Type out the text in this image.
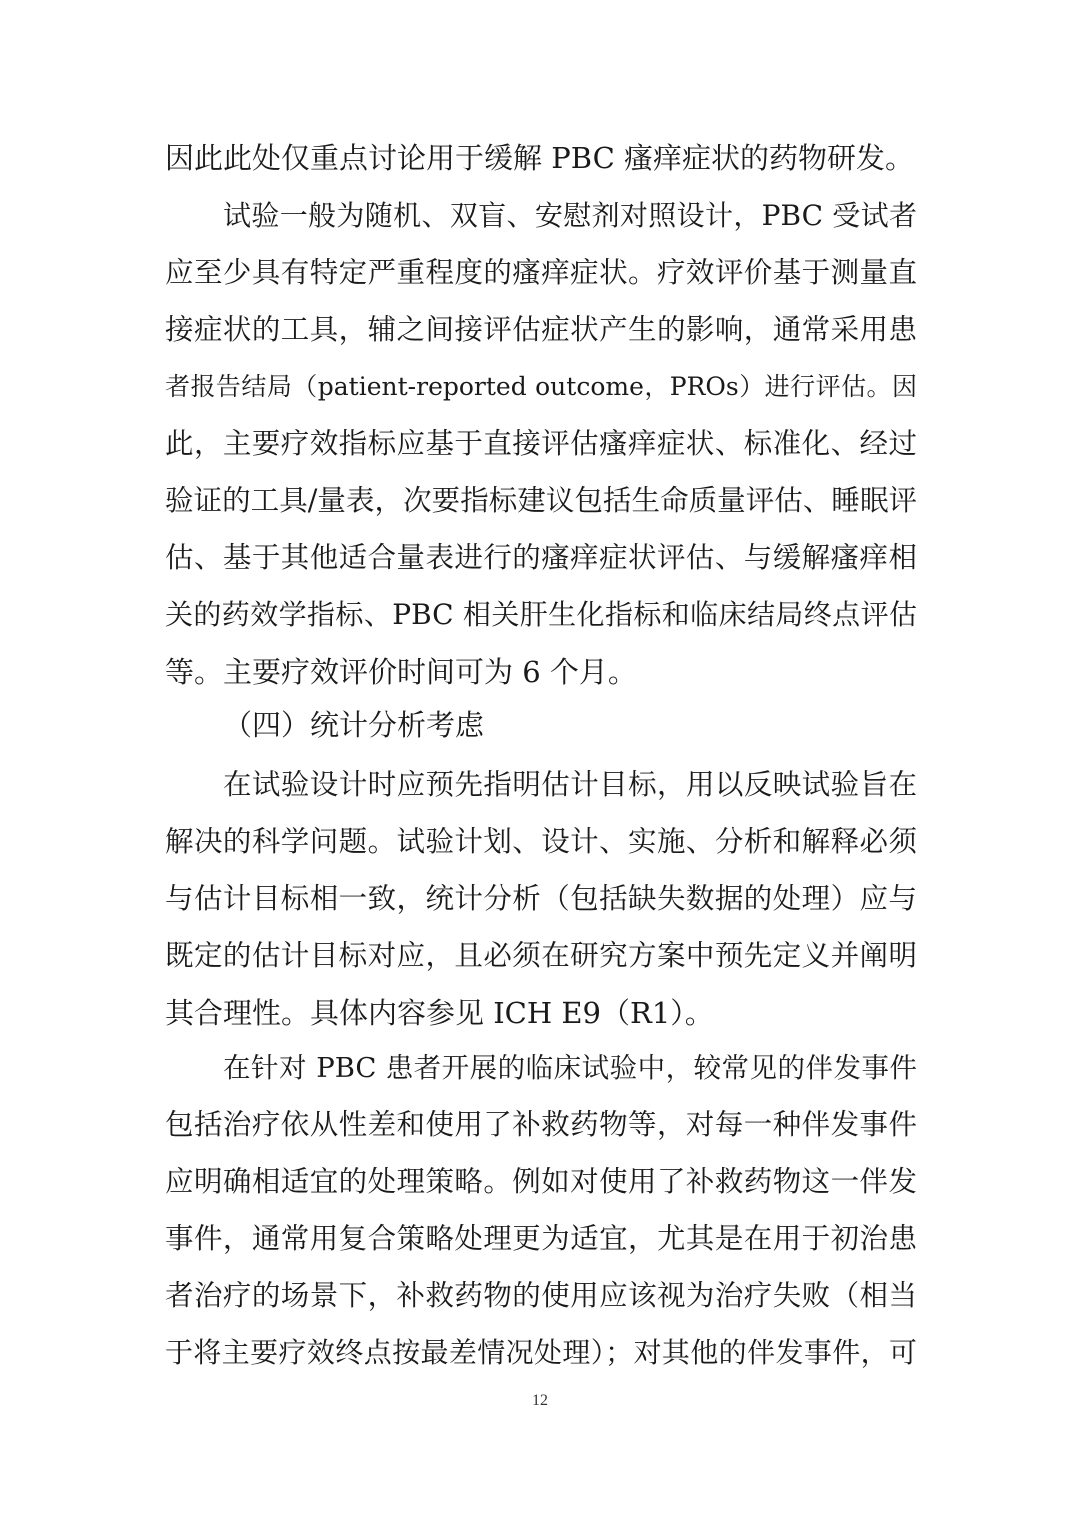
因此此处仅重点讨论用于缓解 PBC 瘙痒症状的药物研发。
试验一般为随机、双盲、安慰剂对照设计，PBC 受试者
应至少具有特定严重程度的瘙痒症状。疗效评价基于测量直
接症状的工具，辅之间接评估症状产生的影响，通常采用患
者报告结局（patient-reported outcome，PROs）进行评估。因
此，主要疗效指标应基于直接评估瘙痒症状、标准化、经过
验证的工具/量表，次要指标建议包括生命质量评估、睡眠评
估、基于其他适合量表进行的瘙痒症状评估、与缓解瘙痒相
关的药效学指标、PBC 相关肝生化指标和临床结局终点评估
等。主要疗效评价时间可为 6 个月。
（四）统计分析考虑
在试验设计时应预先指明估计目标，用以反映试验旨在
解决的科学问题。试验计划、设计、实施、分析和解释必须
与估计目标相一致，统计分析（包括缺失数据的处理）应与
既定的估计目标对应，且必须在研究方案中预先定义并阐明
其合理性。具体内容参见 ICH E9（R1）。
在针对 PBC 患者开展的临床试验中，较常见的伴发事件
包括治疗依从性差和使用了补救药物等，对每一种伴发事件
应明确相适宜的处理策略。例如对使用了补救药物这一伴发
事件，通常用复合策略处理更为适宜，尤其是在用于初治患
者治疗的场景下，补救药物的使用应该视为治疗失败（相当
于将主要疗效终点按最差情况处理）；对其他的伴发事件，可
12
